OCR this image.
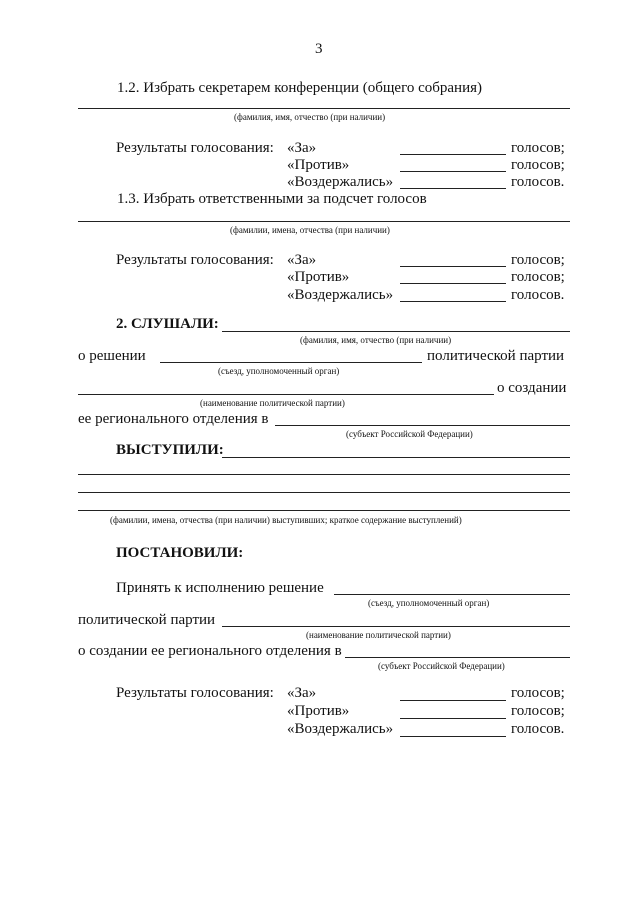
3
1.2. Избрать секретарем конференции (общего собрания)
(фамилия, имя, отчество (при наличии)
Результаты голосования: «За»	голосов;
«Против»	голосов;
«Воздержались»	голосов.
1.3. Избрать ответственными за подсчет голосов
(фамилии, имена, отчества (при наличии)
Результаты голосования: «За»	голосов;
«Против»	голосов;
«Воздержались»	голосов.
2. СЛУШАЛИ:
(фамилия, имя, отчество (при наличии)
о решении	политической партии
(съезд, уполномоченный орган)
о создании
(наименование политической партии)
ее регионального отделения в
(субъект Российской Федерации)
ВЫСТУПИЛИ:
(фамилии, имена, отчества (при наличии) выступивших; краткое содержание выступлений)
ПОСТАНОВИЛИ:
Принять к исполнению решение
(съезд, уполномоченный орган)
политической партии
(наименование политической партии)
о создании ее регионального отделения в
(субъект Российской Федерации)
Результаты голосования: «За»	голосов;
«Против»	голосов;
«Воздержались»	голосов.
